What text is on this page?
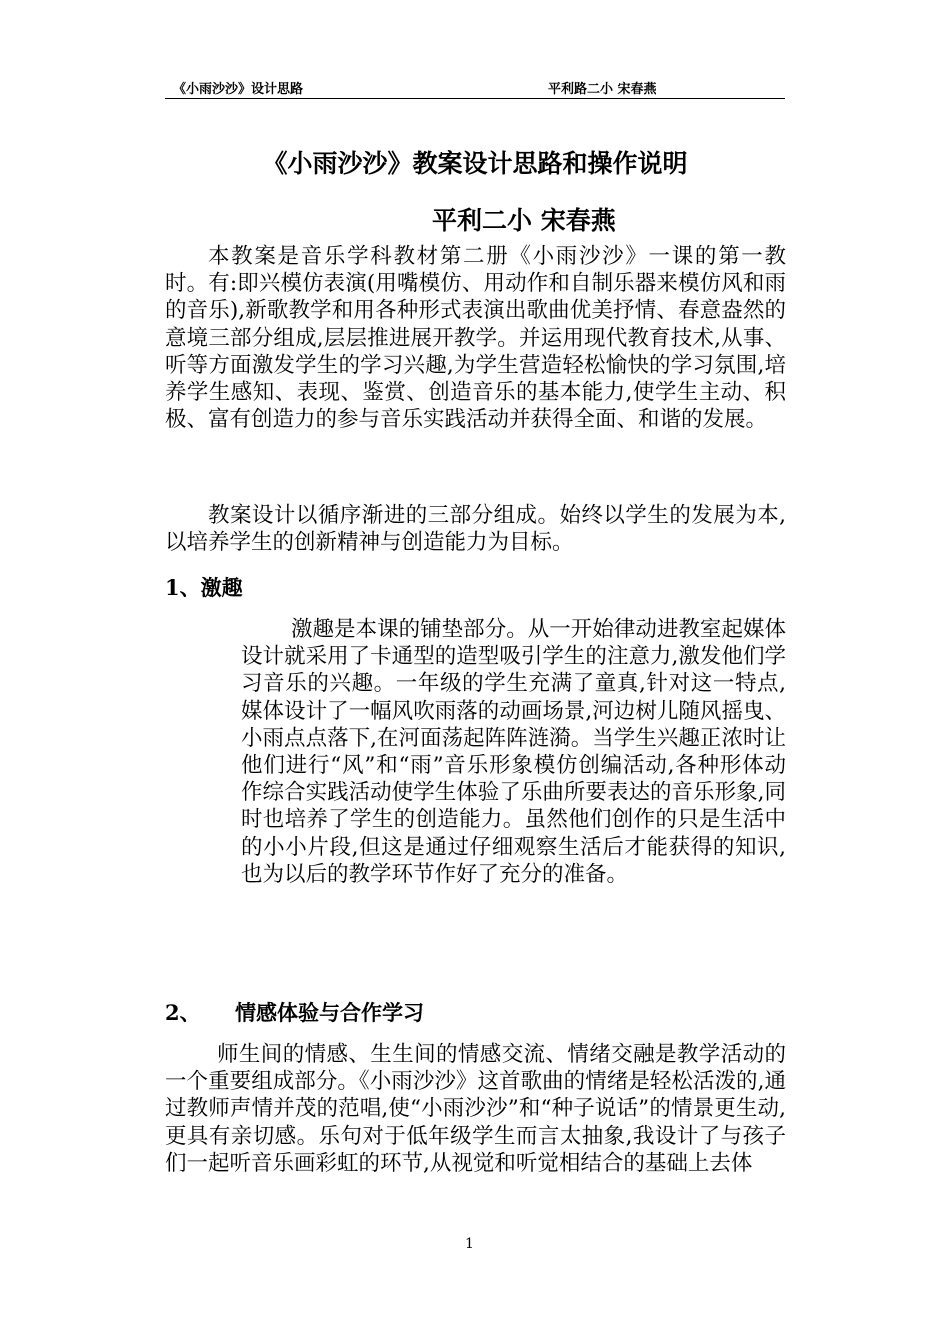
《小雨沙沙》设计思路	平利路二小 宋春燕
《小雨沙沙》教案设计思路和操作说明
平利二小 宋春燕
本教案是音乐学科教材第二册《小雨沙沙》一课的第一教时。有:即兴模仿表演(用嘴模仿、用动作和自制乐器来模仿风和雨的音乐),新歌教学和用各种形式表演出歌曲优美抒情、春意盎然的意境三部分组成,层层推进展开教学。并运用现代教育技术,从事、听等方面激发学生的学习兴趣,为学生营造轻松愉快的学习氛围,培养学生感知、表现、鉴赏、创造音乐的基本能力,使学生主动、积极、富有创造力的参与音乐实践活动并获得全面、和谐的发展。
教案设计以循序渐进的三部分组成。始终以学生的发展为本,以培养学生的创新精神与创造能力为目标。
1、激趣
激趣是本课的铺垫部分。从一开始律动进教室起媒体设计就采用了卡通型的造型吸引学生的注意力,激发他们学习音乐的兴趣。一年级的学生充满了童真,针对这一特点,媒体设计了一幅风吹雨落的动画场景,河边树儿随风摇曳、小雨点点落下,在河面荡起阵阵涟漪。当学生兴趣正浓时让他们进行“风”和“雨”音乐形象模仿创编活动,各种形体动作综合实践活动使学生体验了乐曲所要表达的音乐形象,同时也培养了学生的创造能力。虽然他们创作的只是生活中的小小片段,但这是通过仔细观察生活后才能获得的知识,也为以后的教学环节作好了充分的准备。
2、 情感体验与合作学习
师生间的情感、生生间的情感交流、情绪交融是教学活动的一个重要组成部分。《小雨沙沙》这首歌曲的情绪是轻松活泼的,通过教师声情并茂的范唱,使“小雨沙沙”和“种子说话”的情景更生动,更具有亲切感。乐句对于低年级学生而言太抽象,我设计了与孩子们一起听音乐画彩虹的环节,从视觉和听觉相结合的基础上去体
1
